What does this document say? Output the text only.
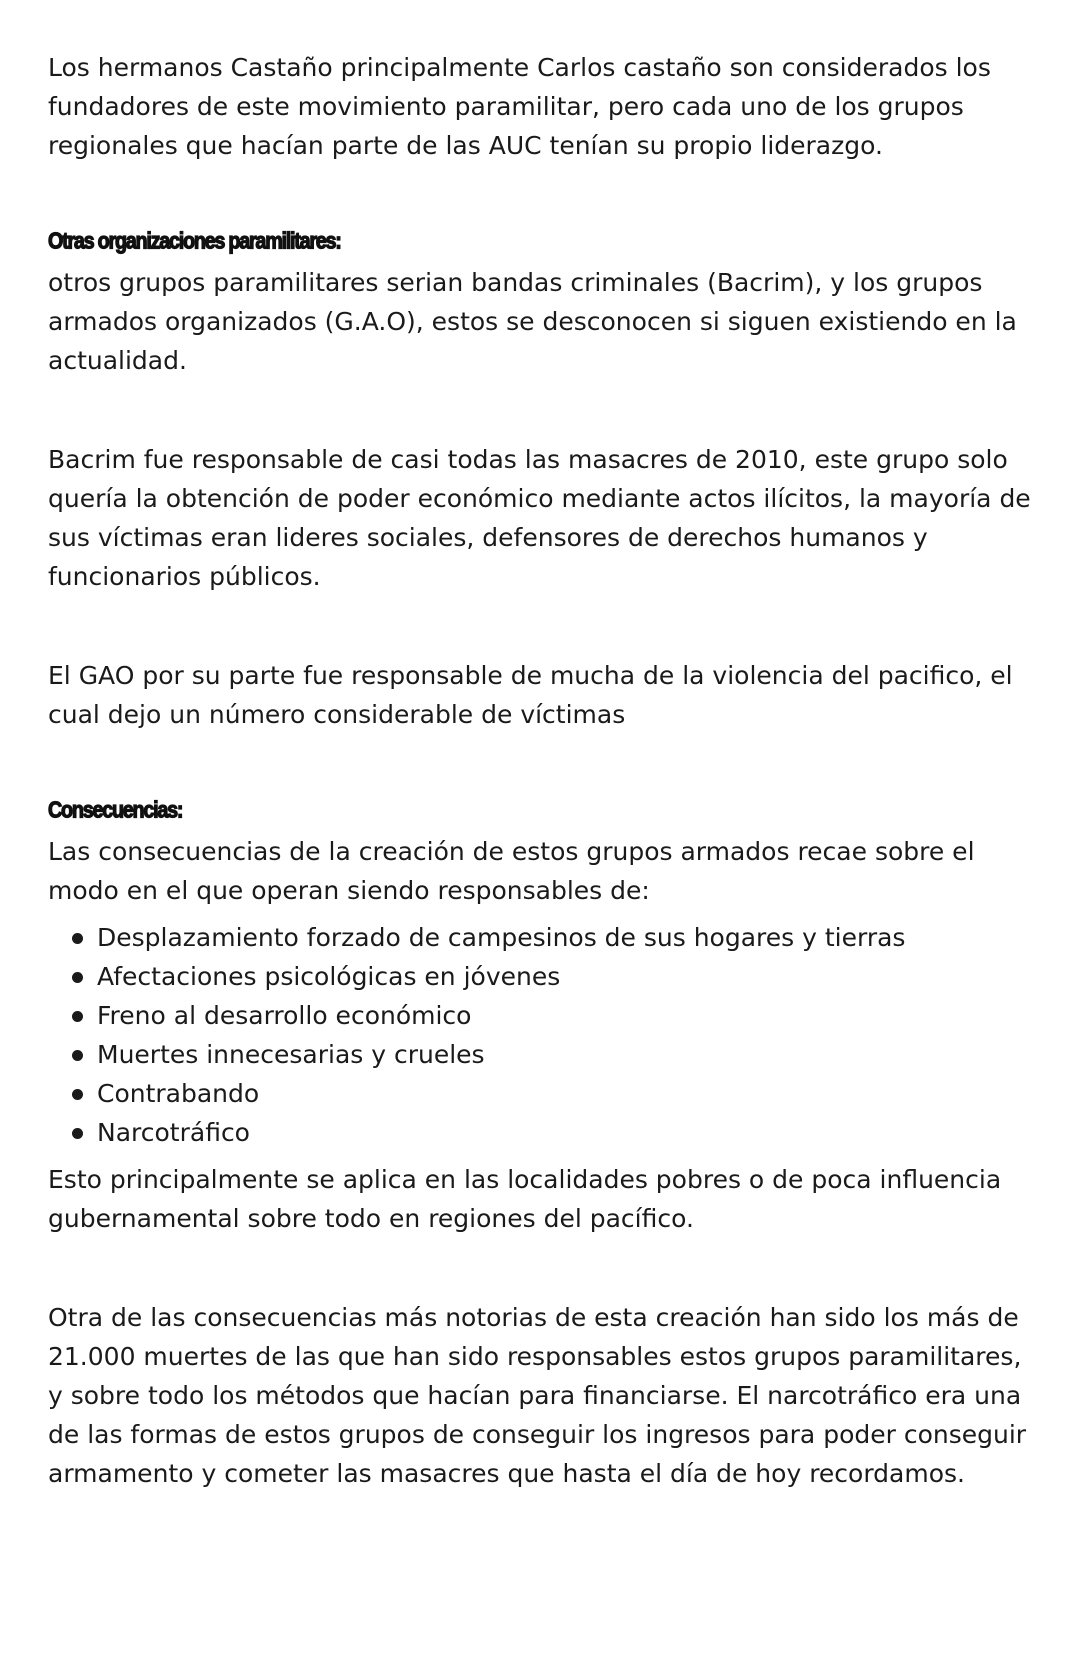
Los hermanos Castaño principalmente Carlos castaño son considerados los fundadores de este movimiento paramilitar, pero cada uno de los grupos regionales que hacían parte de las AUC tenían su propio liderazgo.

Otras organizaciones paramilitares:

otros grupos paramilitares serian bandas criminales (Bacrim), y los grupos armados organizados (G.A.O), estos se desconocen si siguen existiendo en la actualidad.

Bacrim fue responsable de casi todas las masacres de 2010, este grupo solo quería la obtención de poder económico mediante actos ilícitos, la mayoría de sus víctimas eran lideres sociales, defensores de derechos humanos y funcionarios públicos.

El GAO por su parte fue responsable de mucha de la violencia del pacifico, el cual dejo un número considerable de víctimas

Consecuencias:

Las consecuencias de la creación de estos grupos armados recae sobre el modo en el que operan siendo responsables de:

Desplazamiento forzado de campesinos de sus hogares y tierras
Afectaciones psicológicas en jóvenes
Freno al desarrollo económico
Muertes innecesarias y crueles
Contrabando
Narcotráfico

Esto principalmente se aplica en las localidades pobres o de poca influencia gubernamental sobre todo en regiones del pacífico.

Otra de las consecuencias más notorias de esta creación han sido los más de 21.000 muertes de las que han sido responsables estos grupos paramilitares, y sobre todo los métodos que hacían para financiarse. El narcotráfico era una de las formas de estos grupos de conseguir los ingresos para poder conseguir armamento y cometer las masacres que hasta el día de hoy recordamos.
